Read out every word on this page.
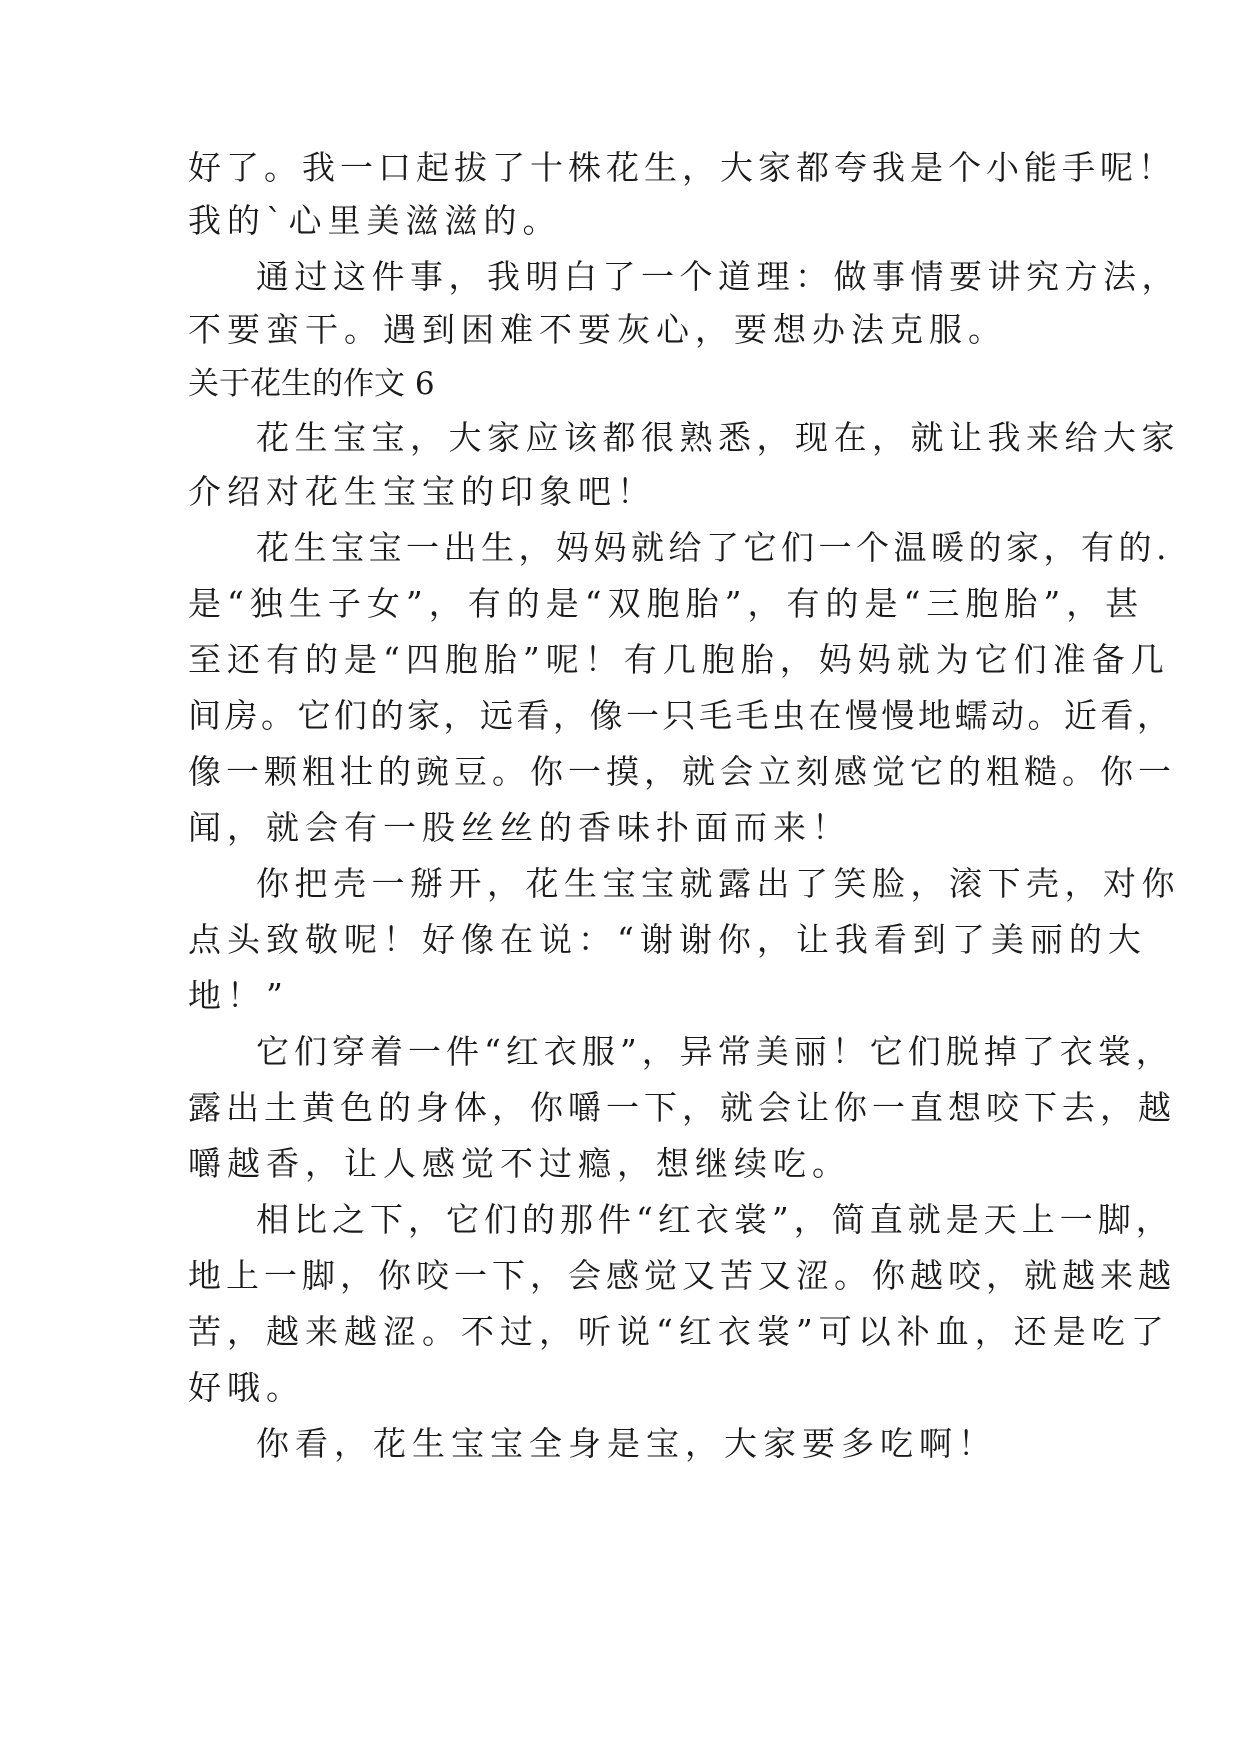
好了。我一口起拔了十株花生，大家都夸我是个小能手呢！
我的`心里美滋滋的。
通过这件事，我明白了一个道理：做事情要讲究方法，
不要蛮干。遇到困难不要灰心，要想办法克服。
关于花生的作文 6
花生宝宝，大家应该都很熟悉，现在，就让我来给大家
介绍对花生宝宝的印象吧！
花生宝宝一出生，妈妈就给了它们一个温暖的家，有的.
是“独生子女”，有的是“双胞胎”，有的是“三胞胎”，甚
至还有的是“四胞胎”呢！有几胞胎，妈妈就为它们准备几
间房。它们的家，远看，像一只毛毛虫在慢慢地蠕动。近看，
像一颗粗壮的豌豆。你一摸，就会立刻感觉它的粗糙。你一
闻，就会有一股丝丝的香味扑面而来！
你把壳一掰开，花生宝宝就露出了笑脸，滚下壳，对你
点头致敬呢！好像在说：“谢谢你，让我看到了美丽的大
地！”
它们穿着一件“红衣服”，异常美丽！它们脱掉了衣裳，
露出土黄色的身体，你嚼一下，就会让你一直想咬下去，越
嚼越香，让人感觉不过瘾，想继续吃。
相比之下，它们的那件“红衣裳”，简直就是天上一脚，
地上一脚，你咬一下，会感觉又苦又涩。你越咬，就越来越
苦，越来越涩。不过，听说“红衣裳”可以补血，还是吃了
好哦。
你看，花生宝宝全身是宝，大家要多吃啊！
